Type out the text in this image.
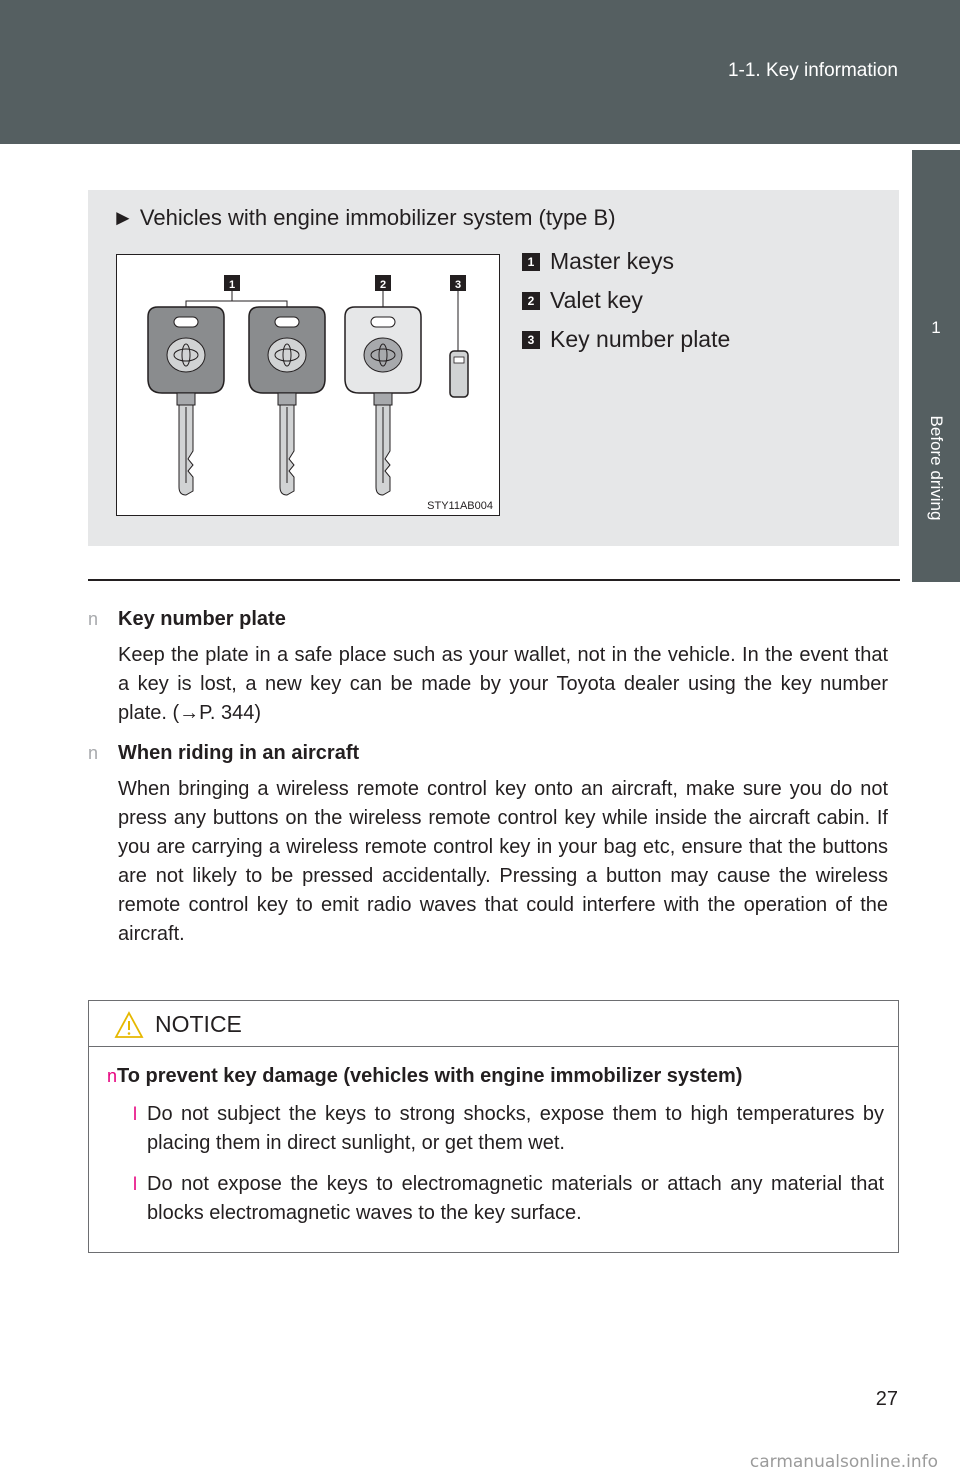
1-1. Key information
1
Before driving
► Vehicles with engine immobilizer system (type B)
1	2	3
STY11AB004
1 Master keys
2 Valet key
3 Key number plate
n Key number plate
Keep the plate in a safe place such as your wallet, not in the vehicle. In the event that a key is lost, a new key can be made by your Toyota dealer using the key number plate. (→P. 344)
n When riding in an aircraft
When bringing a wireless remote control key onto an aircraft, make sure you do not press any buttons on the wireless remote control key while inside the aircraft cabin. If you are carrying a wireless remote control key in your bag etc, ensure that the buttons are not likely to be pressed accidentally. Pressing a button may cause the wireless remote control key to emit radio waves that could interfere with the operation of the aircraft.
NOTICE
n To prevent key damage (vehicles with engine immobilizer system)
l Do not subject the keys to strong shocks, expose them to high temperatures by placing them in direct sunlight, or get them wet.
l Do not expose the keys to electromagnetic materials or attach any material that blocks electromagnetic waves to the key surface.
27
carmanualsonline.info
